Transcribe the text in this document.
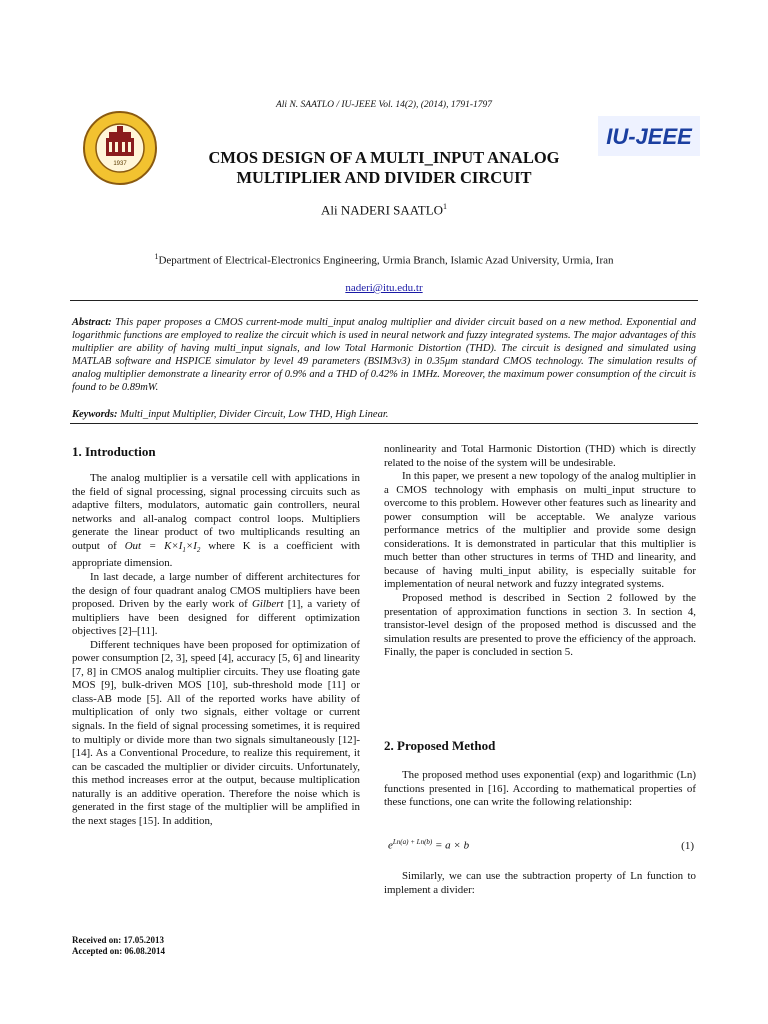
Ali N. SAATLO / IU-JEEE Vol. 14(2), (2014), 1791-1797
1937
IU-JEEE
CMOS DESIGN OF A MULTI_INPUT ANALOG
MULTIPLIER AND DIVIDER CIRCUIT
Ali NADERI SAATLO$^1$
$^1$Department of Electrical-Electronics Engineering, Urmia Branch, Islamic Azad University, Urmia, Iran
naderi@itu.edu.tr
Abstract: This paper proposes a CMOS current-mode multi_input analog multiplier and divider circuit based on a new method. Exponential and logarithmic functions are employed to realize the circuit which is used in neural network and fuzzy integrated systems. The major advantages of this multiplier are ability of having multi_input signals, and low Total Harmonic Distortion (THD). The circuit is designed and simulated using MATLAB software and HSPICE simulator by level 49 parameters (BSIM3v3) in 0.35μm standard CMOS technology. The simulation results of analog multiplier demonstrate a linearity error of 0.9% and a THD of 0.42% in 1MHz. Moreover, the maximum power consumption of the circuit is found to be 0.89mW.
Keywords: Multi_input Multiplier, Divider Circuit, Low THD, High Linear.
1. Introduction

The analog multiplier is a versatile cell with applications in the field of signal processing, signal processing circuits such as adaptive filters, modulators, automatic gain controllers, neural networks and all-analog compact control loops. Multipliers generate the linear product of two multiplicands resulting an output of Out = $K\times I_1\times I_2$ where K is a coefficient with appropriate dimension.

In last decade, a large number of different architectures for the design of four quadrant analog CMOS multipliers have been proposed. Driven by the early work of Gilbert [1], a variety of multipliers have been designed for different optimization objectives [2]–[11].

Different techniques have been proposed for optimization of power consumption [2, 3], speed [4], accuracy [5, 6] and linearity [7, 8] in CMOS analog multiplier circuits. They use floating gate MOS [9], bulk-driven MOS [10], sub-threshold mode [11] or class-AB mode [5]. All of the reported works have ability of multiplication of only two signals, either voltage or current signals. In the field of signal processing sometimes, it is required to multiply or divide more than two signals simultaneously [12]-[14]. As a Conventional Procedure, to realize this requirement, it can be cascaded the multiplier or divider circuits. Unfortunately, this method increases error at the output, because multiplication naturally is an additive operation. Therefore the noise which is generated in the first stage of the multiplier will be amplified in the next stages [15]. In addition,

nonlinearity and Total Harmonic Distortion (THD) which is directly related to the noise of the system will be undesirable.

In this paper, we present a new topology of the analog multiplier in a CMOS technology with emphasis on multi_input structure to overcome to this problem. However other features such as linearity and power consumption will be acceptable. We analyze various performance metrics of the multiplier and provide some design considerations. It is demonstrated in particular that this multiplier is much better than other structures in terms of THD and linearity, and because of having multi_input ability, is especially suitable for implementation of neural network and fuzzy integrated systems.

Proposed method is described in Section 2 followed by the presentation of approximation functions in section 3. In section 4, transistor-level design of the proposed method is discussed and the simulation results are presented to prove the efficiency of the approach. Finally, the paper is concluded in section 5.

2. Proposed Method

The proposed method uses exponential (exp) and logarithmic (Ln) functions presented in [16]. According to mathematical properties of these functions, one can write the following relationship:

$e^{Ln(a) + Ln(b)} = a \times b$	(1)

Similarly, we can use the subtraction property of Ln function to implement a divider:

Received on: 17.05.2013
Accepted on: 06.08.2014
